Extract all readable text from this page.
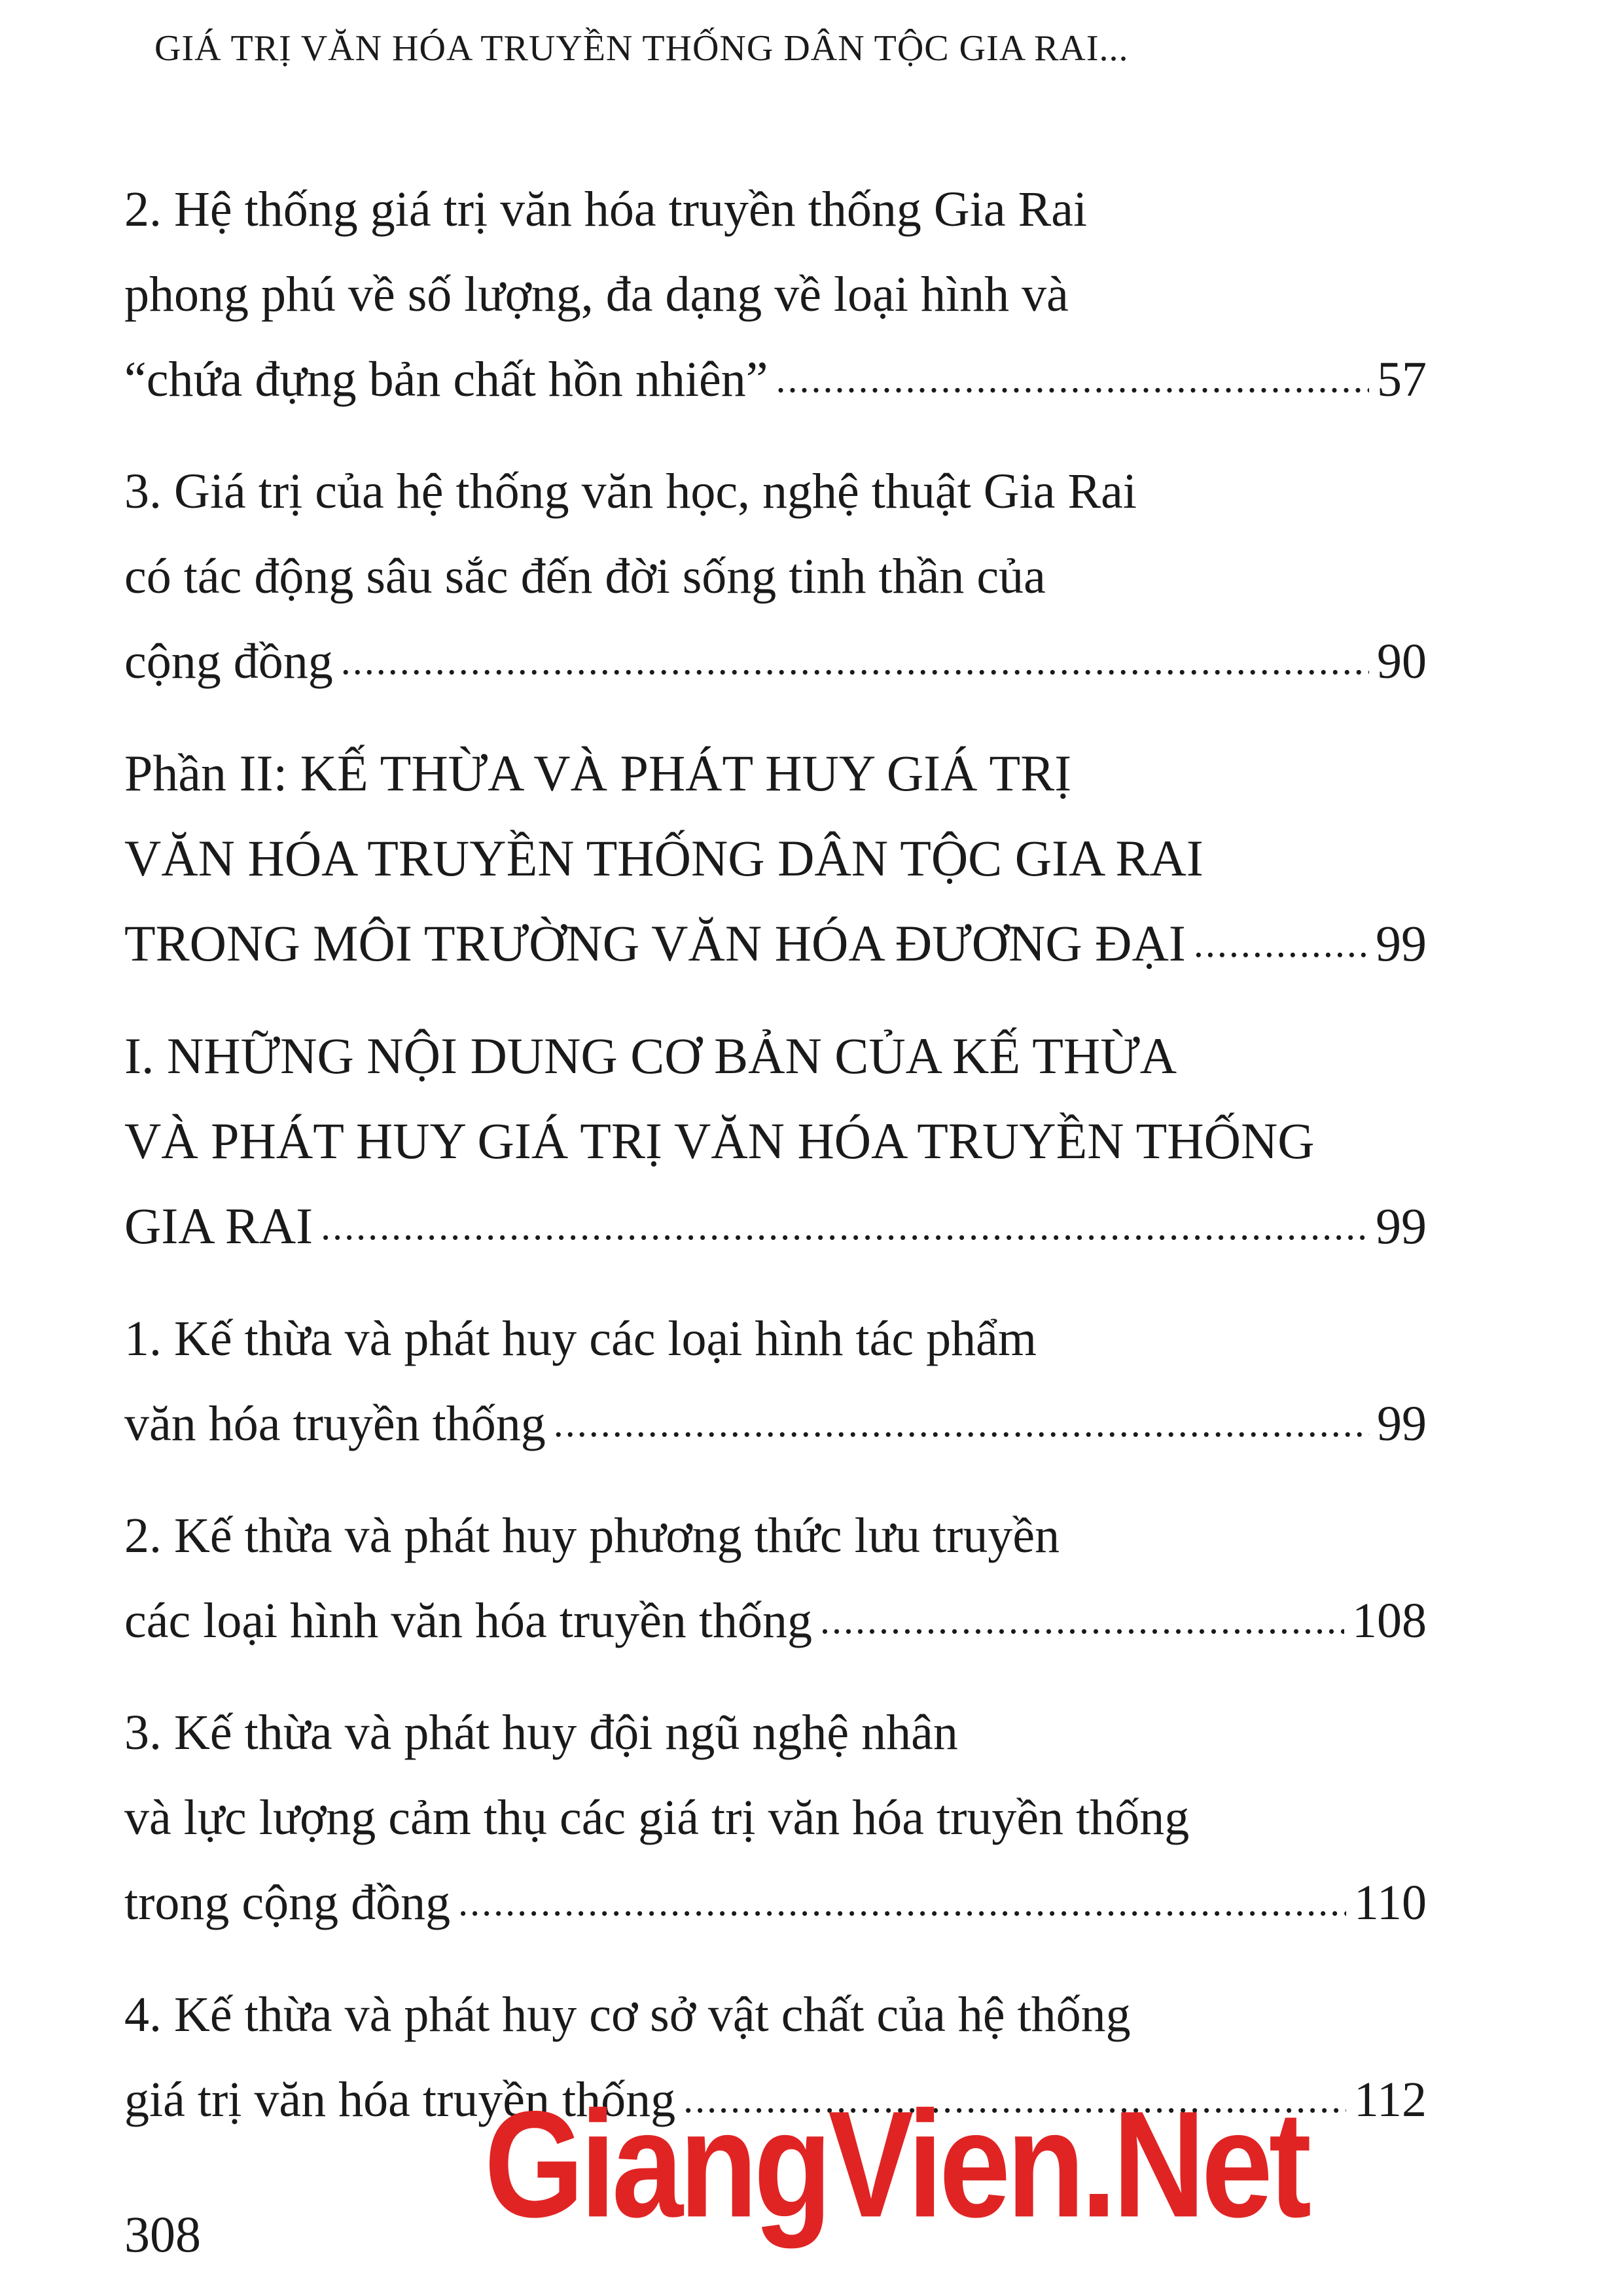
GIÁ TRỊ VĂN HÓA TRUYỀN THỐNG DÂN TỘC GIA RAI...
2. Hệ thống giá trị văn hóa truyền thống Gia Rai
phong phú về số lượng, đa dạng về loại hình và
“chứa đựng bản chất hồn nhiên” .....	57
3. Giá trị của hệ thống văn học, nghệ thuật Gia Rai
có tác động sâu sắc đến đời sống tinh thần của
cộng đồng .....	90
Phần II: KẾ THỪA VÀ PHÁT HUY GIÁ TRỊ
VĂN HÓA TRUYỀN THỐNG DÂN TỘC GIA RAI
TRONG MÔI TRƯỜNG VĂN HÓA ĐƯƠNG ĐẠI .....	99
I. NHỮNG NỘI DUNG CƠ BẢN CỦA KẾ THỪA
VÀ PHÁT HUY GIÁ TRỊ VĂN HÓA TRUYỀN THỐNG
GIA RAI .....	99
1. Kế thừa và phát huy các loại hình tác phẩm
văn hóa truyền thống .....	99
2. Kế thừa và phát huy phương thức lưu truyền
các loại hình văn hóa truyền thống .....	108
3. Kế thừa và phát huy đội ngũ nghệ nhân
và lực lượng cảm thụ các giá trị văn hóa truyền thống
trong cộng đồng .....	110
4. Kế thừa và phát huy cơ sở vật chất của hệ thống
giá trị văn hóa truyền thống .....	112
308 GiangVien.Net
